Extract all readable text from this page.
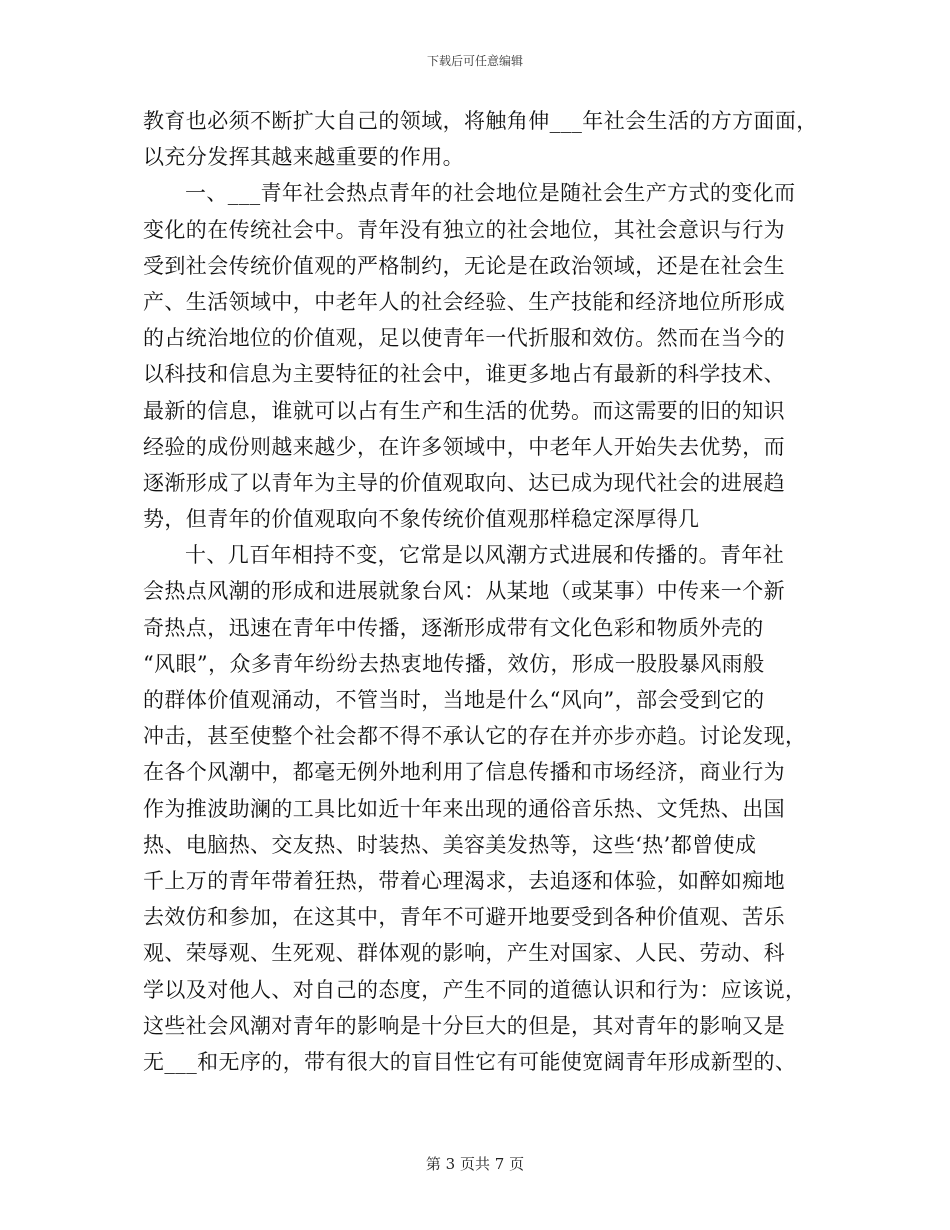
下载后可任意编辑
教育也必须不断扩大自己的领域，将触角伸___年社会生活的方方面面，
以充分发挥其越来越重要的作用。
一、___青年社会热点青年的社会地位是随社会生产方式的变化而
变化的在传统社会中。青年没有独立的社会地位，其社会意识与行为
受到社会传统价值观的严格制约，无论是在政治领域，还是在社会生
产、生活领域中，中老年人的社会经验、生产技能和经济地位所形成
的占统治地位的价值观，足以使青年一代折服和效仿。然而在当今的
以科技和信息为主要特征的社会中，谁更多地占有最新的科学技术、
最新的信息，谁就可以占有生产和生活的优势。而这需要的旧的知识
经验的成份则越来越少，在许多领域中，中老年人开始失去优势，而
逐渐形成了以青年为主导的价值观取向、达已成为现代社会的进展趋
势，但青年的价值观取向不象传统价值观那样稳定深厚得几
十、几百年相持不变，它常是以风潮方式进展和传播的。青年社
会热点风潮的形成和进展就象台风：从某地（或某事）中传来一个新
奇热点，迅速在青年中传播，逐渐形成带有文化色彩和物质外壳的
“风眼”，众多青年纷纷去热衷地传播，效仿，形成一股股暴风雨般
的群体价值观涌动，不管当时，当地是什么“风向”，部会受到它的
冲击，甚至使整个社会都不得不承认它的存在并亦步亦趋。讨论发现，
在各个风潮中，都毫无例外地利用了信息传播和市场经济，商业行为
作为推波助澜的工具比如近十年来出现的通俗音乐热、文凭热、出国
热、电脑热、交友热、时装热、美容美发热等，这些‘热’都曾使成
千上万的青年带着狂热，带着心理渴求，去追逐和体验，如醉如痴地
去效仿和参加，在这其中，青年不可避开地要受到各种价值观、苦乐
观、荣辱观、生死观、群体观的影响，产生对国家、人民、劳动、科
学以及对他人、对自己的态度，产生不同的道德认识和行为：应该说，
这些社会风潮对青年的影响是十分巨大的但是，其对青年的影响又是
无___和无序的，带有很大的盲目性它有可能使宽阔青年形成新型的、
第 3 页共 7 页
